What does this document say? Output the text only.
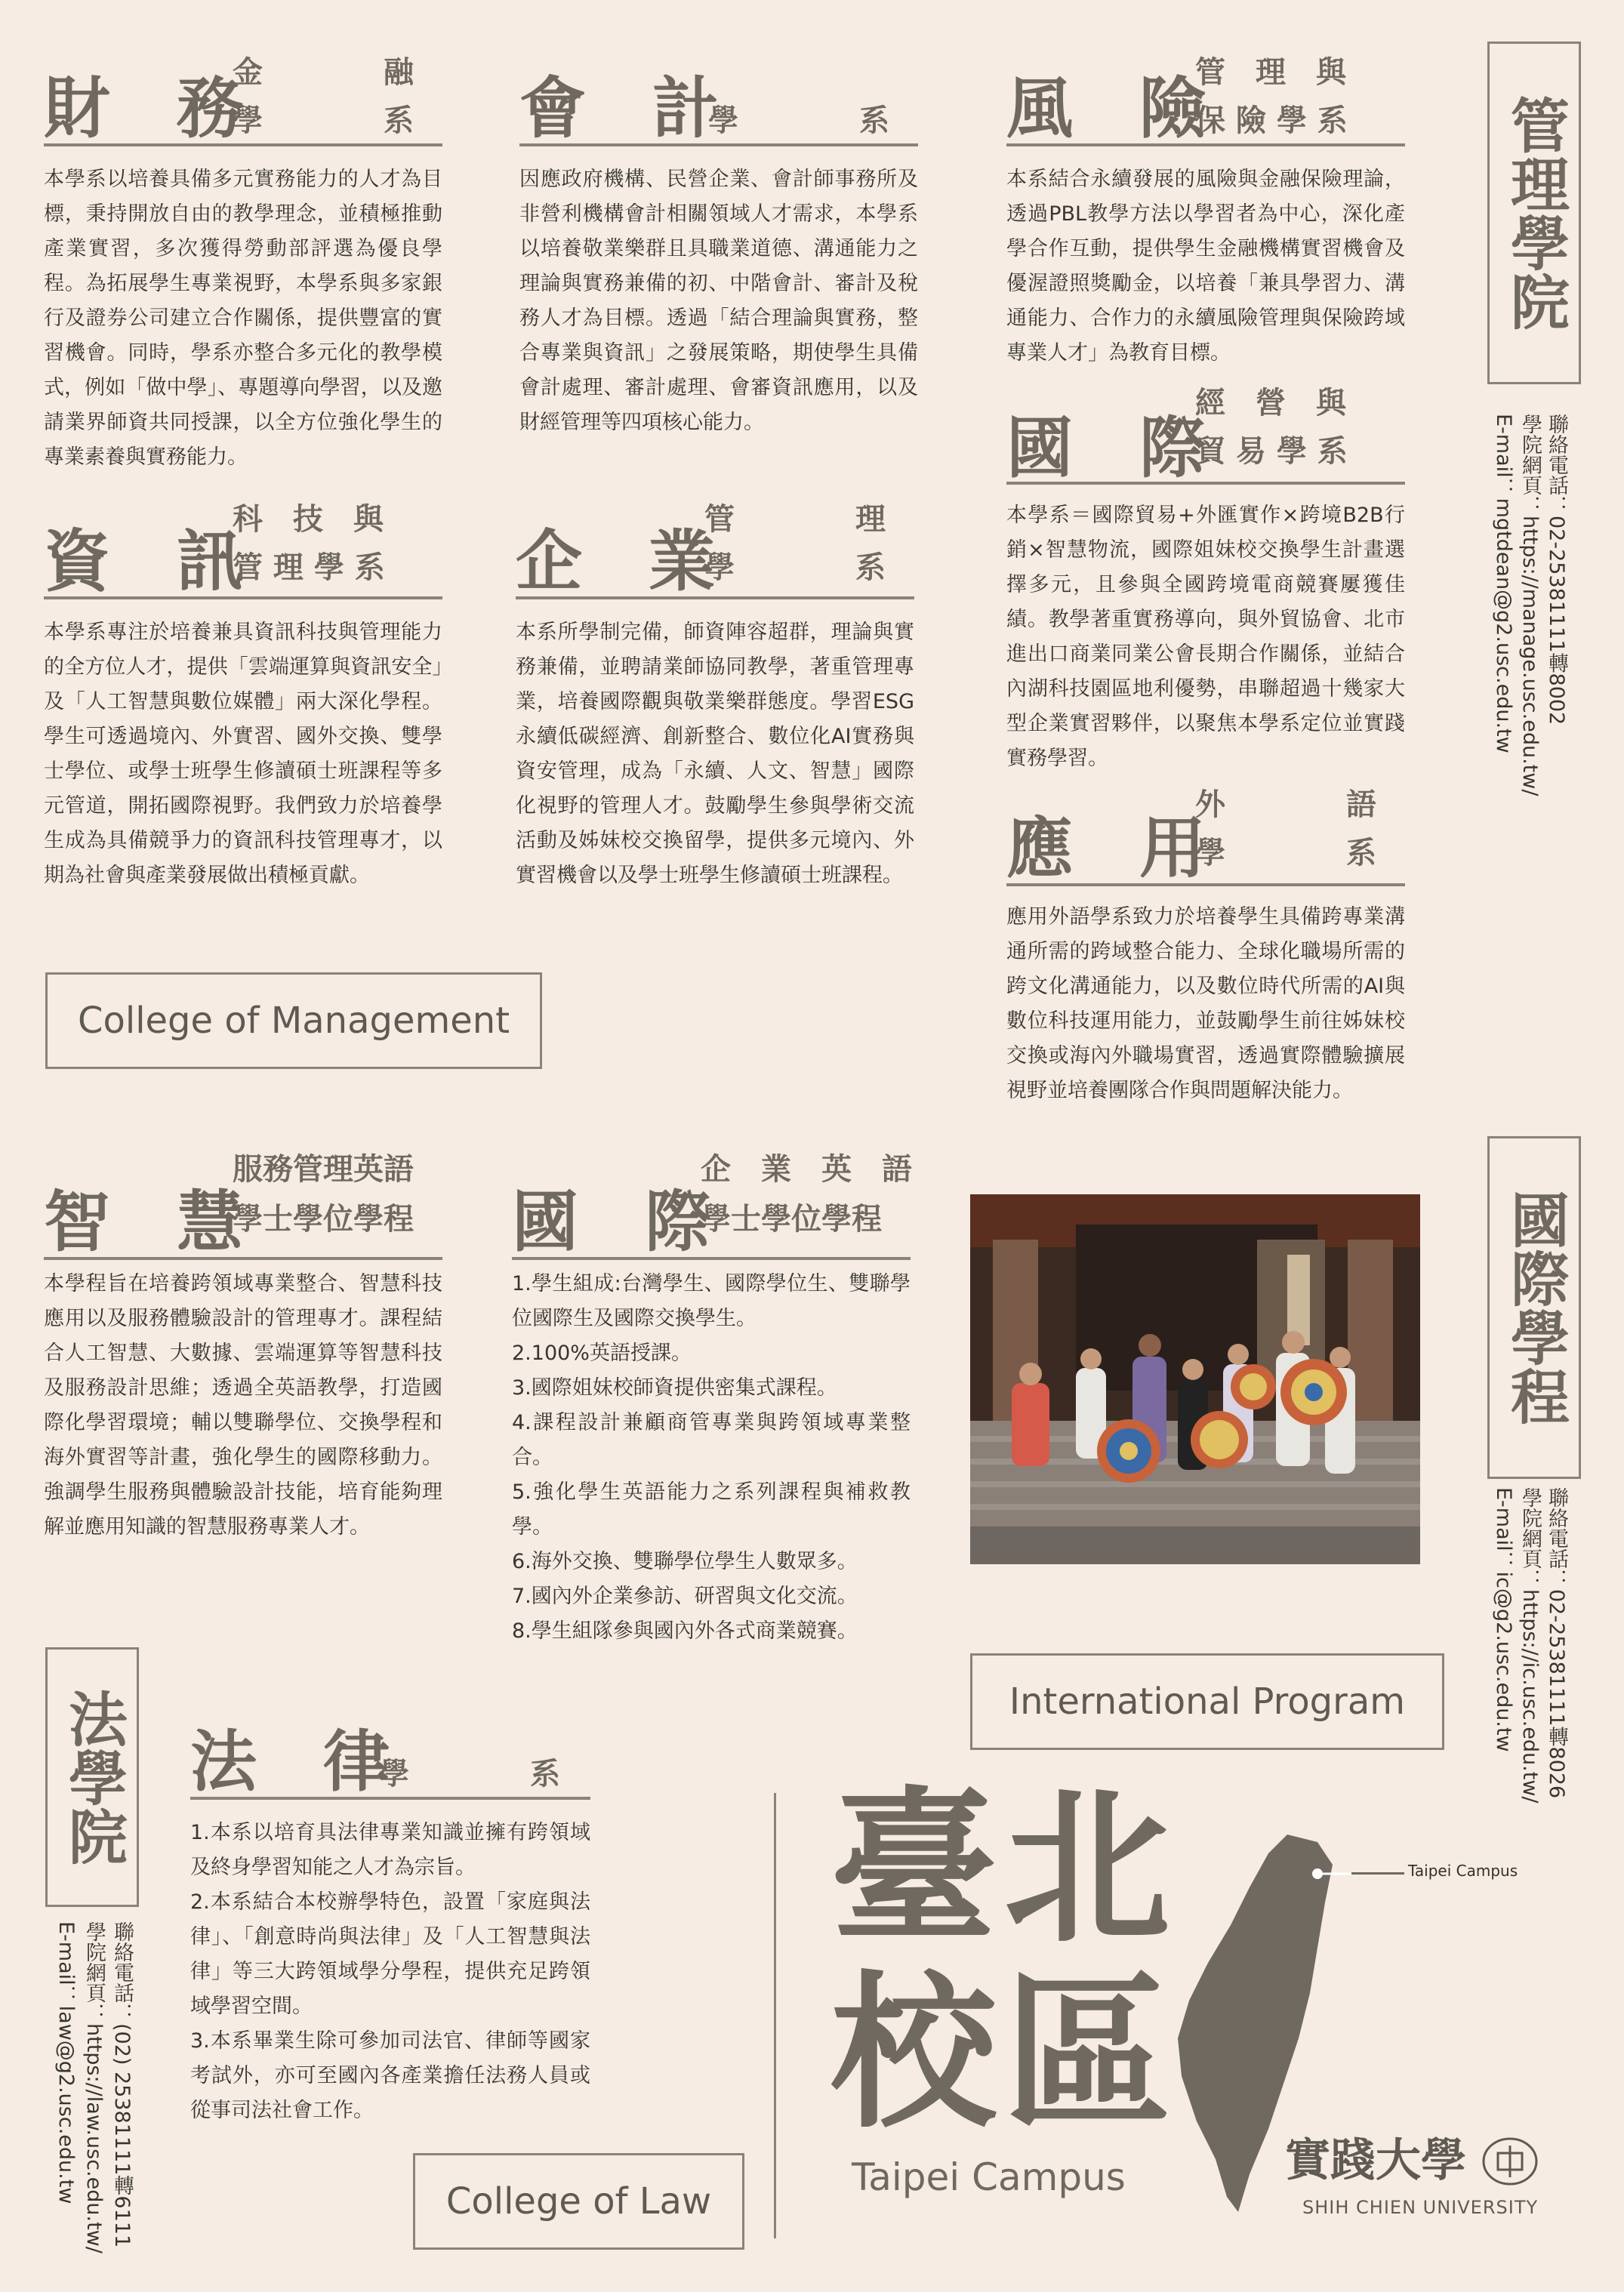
財　務
金　　　　融
學　　　　系
本學系以培養具備多元實務能力的人才為目標，秉持開放自由的教學理念，並積極推動產業實習，多次獲得勞動部評選為優良學程。為拓展學生專業視野，本學系與多家銀行及證券公司建立合作關係，提供豐富的實習機會。同時，學系亦整合多元化的教學模式，例如「做中學」、專題導向學習，以及邀請業界師資共同授課，以全方位強化學生的專業素養與實務能力。
會　計
學　　　　系
因應政府機構、民營企業、會計師事務所及非營利機構會計相關領域人才需求，本學系以培養敬業樂群且具職業道德、溝通能力之理論與實務兼備的初、中階會計、審計及稅務人才為目標。透過「結合理論與實務，整合專業與資訊」之發展策略，期使學生具備會計處理、審計處理、會審資訊應用，以及財經管理等四項核心能力。
風　險
管　理　與
保 險 學 系
本系結合永續發展的風險與金融保險理論，透過PBL教學方法以學習者為中心，深化產學合作互動，提供學生金融機構實習機會及優渥證照獎勵金，以培養「兼具學習力、溝通能力、合作力的永續風險管理與保險跨域專業人才」為教育目標。
資　訊
科　技　與
管 理 學 系
本學系專注於培養兼具資訊科技與管理能力的全方位人才，提供「雲端運算與資訊安全」及「人工智慧與數位媒體」兩大深化學程。學生可透過境內、外實習、國外交換、雙學士學位、或學士班學生修讀碩士班課程等多元管道，開拓國際視野。我們致力於培養學生成為具備競爭力的資訊科技管理專才，以期為社會與產業發展做出積極貢獻。
企　業
管　　　　理
學　　　　系
本系所學制完備，師資陣容超群，理論與實務兼備，並聘請業師協同教學，著重管理專業，培養國際觀與敬業樂群態度。學習ESG永續低碳經濟、創新整合、數位化AI實務與資安管理，成為「永續、人文、智慧」國際化視野的管理人才。鼓勵學生參與學術交流活動及姊妹校交換留學，提供多元境內、外實習機會以及學士班學生修讀碩士班課程。
國　際
經　營　與
貿 易 學 系
本學系＝國際貿易+外匯實作×跨境B2B行銷×智慧物流，國際姐妹校交換學生計畫選擇多元，且參與全國跨境電商競賽屢獲佳績。教學著重實務導向，與外貿協會、北市進出口商業同業公會長期合作關係，並結合內湖科技園區地利優勢，串聯超過十幾家大型企業實習夥伴，以聚焦本學系定位並實踐實務學習。
應　用
外　　　　語
學　　　　系
應用外語學系致力於培養學生具備跨專業溝通所需的跨域整合能力、全球化職場所需的跨文化溝通能力，以及數位時代所需的AI與數位科技運用能力，並鼓勵學生前往姊妹校交換或海內外職場實習，透過實際體驗擴展視野並培養團隊合作與問題解決能力。
College of Management
管理學院
聯絡電話：02-25381111轉8002
學院網頁：https://manage.usc.edu.tw/
E-mail：mgtdean@g2.usc.edu.tw
智　慧
服務管理英語
學士學位學程
本學程旨在培養跨領域專業整合、智慧科技應用以及服務體驗設計的管理專才。課程結合人工智慧、大數據、雲端運算等智慧科技及服務設計思維；透過全英語教學，打造國際化學習環境；輔以雙聯學位、交換學程和海外實習等計畫，強化學生的國際移動力。強調學生服務與體驗設計技能，培育能夠理解並應用知識的智慧服務專業人才。
國　際
企　業　英　語
學士學位學程
1.學生組成:台灣學生、國際學位生、雙聯學位國際生及國際交換學生。
2.100%英語授課。
3.國際姐妹校師資提供密集式課程。
4.課程設計兼顧商管專業與跨領域專業整合。
5.強化學生英語能力之系列課程與補救教學。
6.海外交換、雙聯學位學生人數眾多。
7.國內外企業參訪、研習與文化交流。
8.學生組隊參與國內外各式商業競賽。
International Program
國際學程
聯絡電話：02-25381111轉8026
學院網頁：https://ic.usc.edu.tw/
E-mail：ic@g2.usc.edu.tw
法學院
聯絡電話：(02) 25381111轉6111
學院網頁：https://law.usc.edu.tw/
E-mail：law@g2.usc.edu.tw
法　律
學　　　　系
1.本系以培育具法律專業知識並擁有跨領域及終身學習知能之人才為宗旨。
2.本系結合本校辦學特色，設置「家庭與法律」、「創意時尚與法律」及「人工智慧與法律」等三大跨領域學分學程，提供充足跨領域學習空間。
3.本系畢業生除可參加司法官、律師等國家考試外，亦可至國內各產業擔任法務人員或從事司法社會工作。
College of Law
臺北
校區
Taipei Campus
Taipei Campus
實踐大學
SHIH CHIEN UNIVERSITY
